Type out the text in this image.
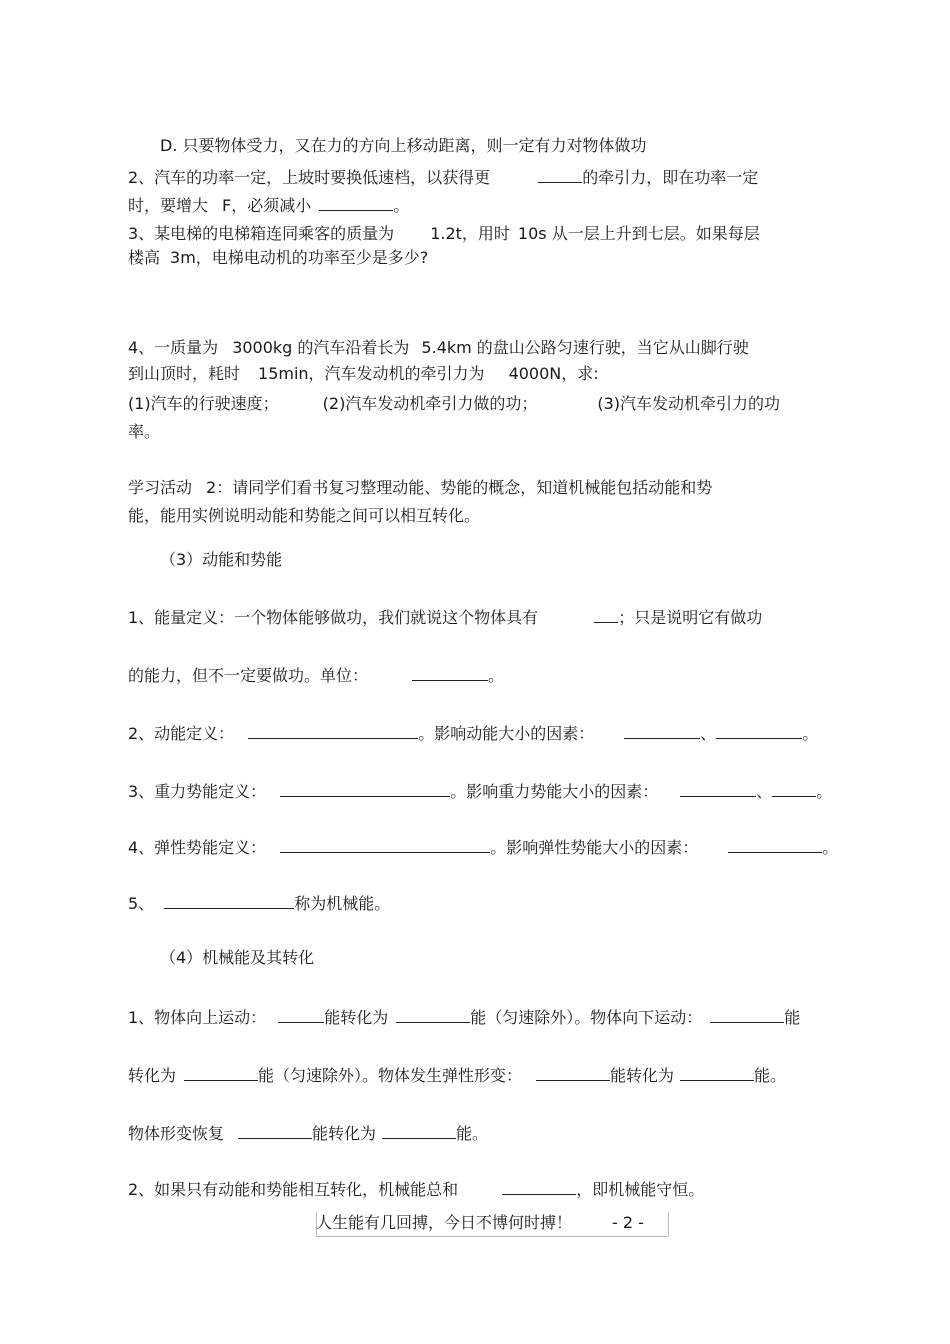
D. 只要物体受力，又在力的方向上移动距离，则一定有力对物体做功
2、汽车的功率一定，上坡时要换低速档，以获得更	的牵引力，即在功率一定
时，要增大 F，必须减小	。
3、某电梯的电梯箱连同乘客的质量为 1.2t，用时 10s 从一层上升到七层。如果每层
楼高 3m，电梯电动机的功率至少是多少?
4、一质量为 3000kg 的汽车沿着长为 5.4km 的盘山公路匀速行驶，当它从山脚行驶
到山顶时，耗时 15min，汽车发动机的牵引力为 4000N，求:
(1)汽车的行驶速度；	(2)汽车发动机牵引力做的功；	(3)汽车发动机牵引力的功
率。
学习活动 2：请同学们看书复习整理动能、势能的概念，知道机械能包括动能和势
能，能用实例说明动能和势能之间可以相互转化。
（3）动能和势能
1、能量定义：一个物体能够做功，我们就说这个物体具有	；只是说明它有做功
的能力，但不一定要做功。单位：	。
2、动能定义：	。影响动能大小的因素：	、	。
3、重力势能定义：	。影响重力势能大小的因素：	、	。
4、弹性势能定义：	。影响弹性势能大小的因素：	。
5、	称为机械能。
（4）机械能及其转化
1、物体向上运动：	能转化为	能（匀速除外）。物体向下运动：	能
转化为	能（匀速除外）。物体发生弹性形变：	能转化为	能。
物体形变恢复	能转化为	能。
2、如果只有动能和势能相互转化，机械能总和	，即机械能守恒。
人生能有几回搏，今日不博何时搏！	- 2 -
